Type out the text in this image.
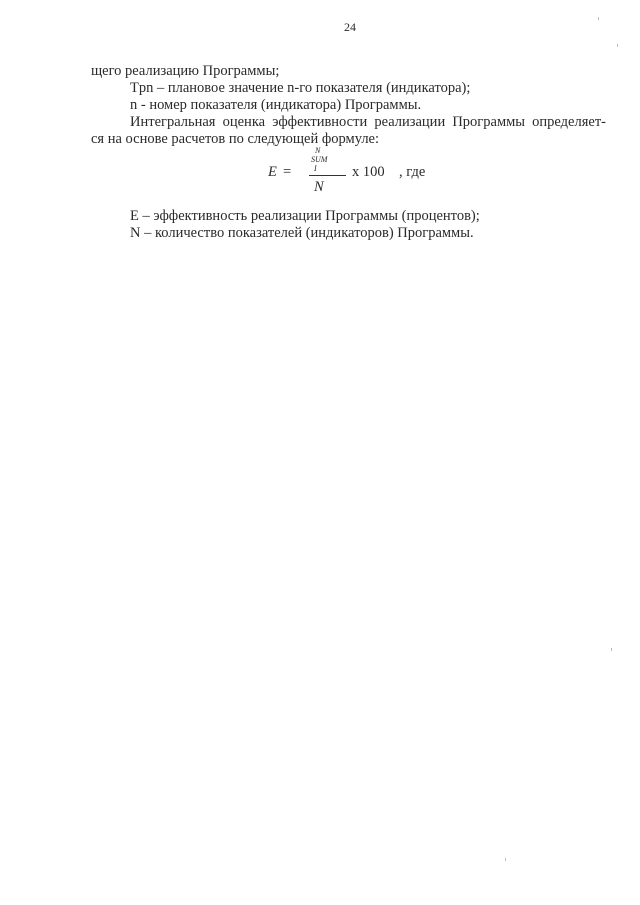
24
щего реализацию Программы;
Tpn – плановое значение n-го показателя (индикатора);
n - номер показателя (индикатора) Программы.
Интегральная оценка эффективности реализации Программы определяет-
ся на основе расчетов по следующей формуле:
E =
N
SUM
I x 100 , где
N
Е – эффективность реализации Программы (процентов);
N – количество показателей (индикаторов) Программы.
